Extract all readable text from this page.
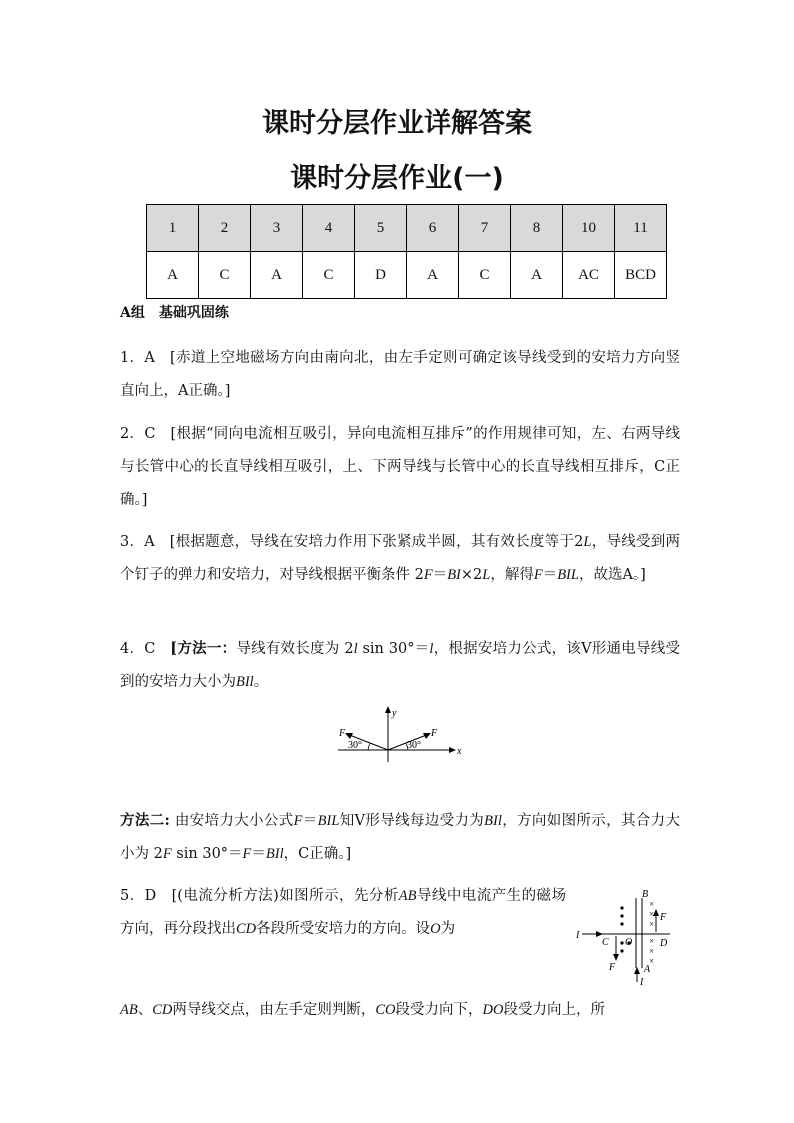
课时分层作业详解答案
课时分层作业(一)
1	2	3	4	5	6	7	8	10	11
A	C	A	C	D	A	C	A	AC	BCD
A组　基础巩固练
1．A　[赤道上空地磁场方向由南向北，由左手定则可确定该导线受到的安培力方向竖直向上，A正确。]
2．C　[根据“同向电流相互吸引，异向电流相互排斥”的作用规律可知，左、右两导线与长管中心的长直导线相互吸引，上、下两导线与长管中心的长直导线相互排斥，C正确。]
3．A　[根据题意，导线在安培力作用下张紧成半圆，其有效长度等于2L，导线受到两个钉子的弹力和安培力，对导线根据平衡条件 2F＝BI×2L，解得F＝BIL，故选A。]
4．C　[方法一：导线有效长度为 2l sin 30°＝l，根据安培力公式，该V形通电导线受到的安培力大小为BIl。
y
x
F	F
30°	30°
方法二: 由安培力大小公式F＝BIL知V形导线每边受力为BIl，方向如图所示，其合力大小为 2F sin 30°＝F＝BIl，C正确。]
5．D　[(电流分析方法)如图所示，先分析AB导线中电流产生的磁场方向，再分段找出CD各段所受安培力的方向。设O为
×
×
×
×
×
×
B
A
C	D
O
I
I
F
F
AB、CD两导线交点，由左手定则判断，CO段受力向下，DO段受力向上，所
